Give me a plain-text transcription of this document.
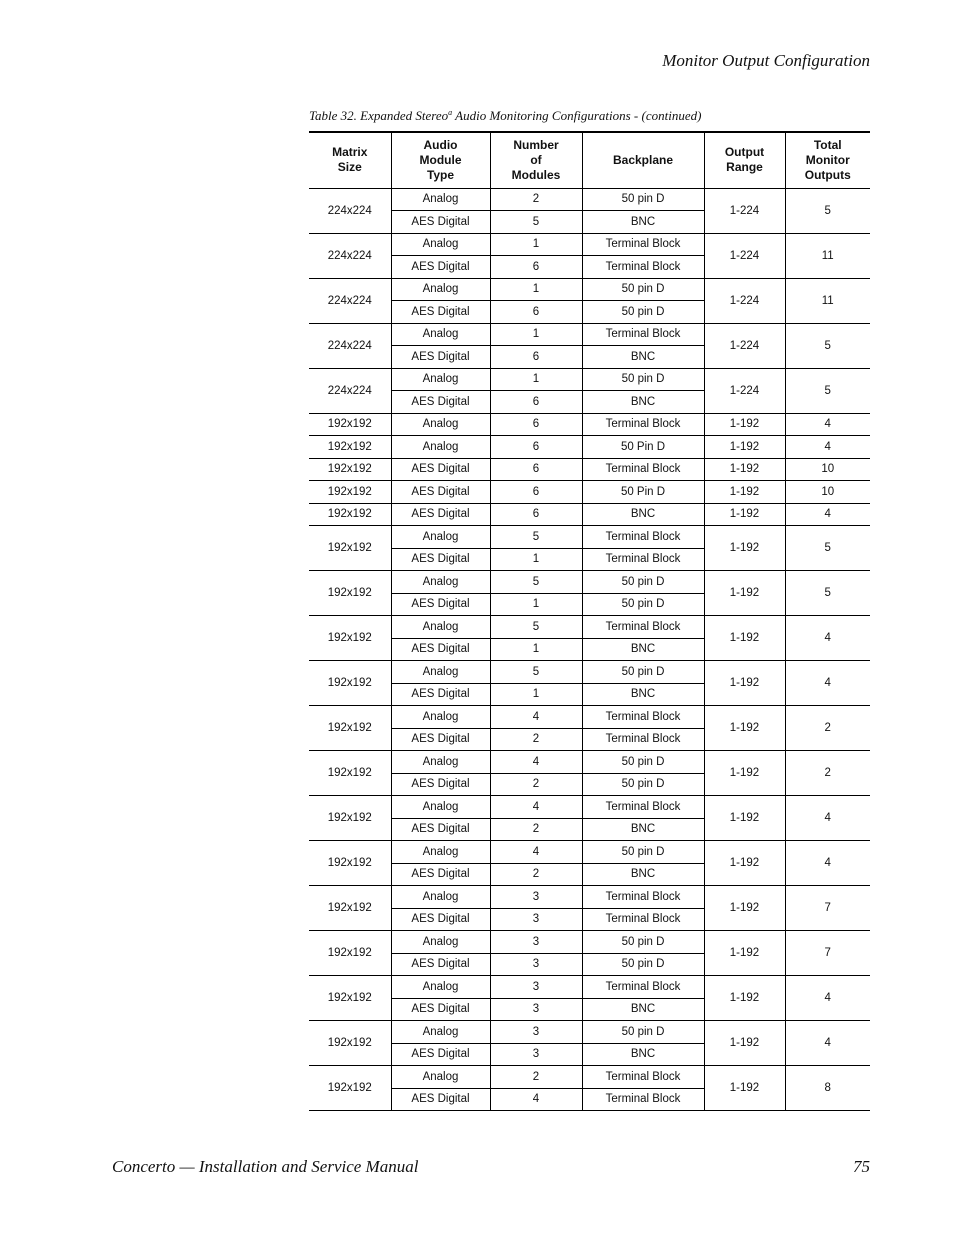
Monitor Output Configuration
Table 32. Expanded Stereo$^a$ Audio Monitoring Configurations - (continued)
Matrix
Size	Audio
Module
Type	Number
of
Modules	Backplane	Output
Range	Total
Monitor
Outputs
224x224	Analog	2	50 pin D	1-224	5
	AES Digital	5	BNC		
224x224	Analog	1	Terminal Block	1-224	11
	AES Digital	6	Terminal Block		
224x224	Analog	1	50 pin D	1-224	11
	AES Digital	6	50 pin D		
224x224	Analog	1	Terminal Block	1-224	5
	AES Digital	6	BNC		
224x224	Analog	1	50 pin D	1-224	5
	AES Digital	6	BNC		
192x192	Analog	6	Terminal Block	1-192	4
192x192	Analog	6	50 Pin D	1-192	4
192x192	AES Digital	6	Terminal Block	1-192	10
192x192	AES Digital	6	50 Pin D	1-192	10
192x192	AES Digital	6	BNC	1-192	4
192x192	Analog	5	Terminal Block	1-192	5
	AES Digital	1	Terminal Block		
192x192	Analog	5	50 pin D	1-192	5
	AES Digital	1	50 pin D		
192x192	Analog	5	Terminal Block	1-192	4
	AES Digital	1	BNC		
192x192	Analog	5	50 pin D	1-192	4
	AES Digital	1	BNC		
192x192	Analog	4	Terminal Block	1-192	2
	AES Digital	2	Terminal Block		
192x192	Analog	4	50 pin D	1-192	2
	AES Digital	2	50 pin D		
192x192	Analog	4	Terminal Block	1-192	4
	AES Digital	2	BNC		
192x192	Analog	4	50 pin D	1-192	4
	AES Digital	2	BNC		
192x192	Analog	3	Terminal Block	1-192	7
	AES Digital	3	Terminal Block		
192x192	Analog	3	50 pin D	1-192	7
	AES Digital	3	50 pin D		
192x192	Analog	3	Terminal Block	1-192	4
	AES Digital	3	BNC		
192x192	Analog	3	50 pin D	1-192	4
	AES Digital	3	BNC		
192x192	Analog	2	Terminal Block	1-192	8
	AES Digital	4	Terminal Block		
Concerto — Installation and Service Manual	75
